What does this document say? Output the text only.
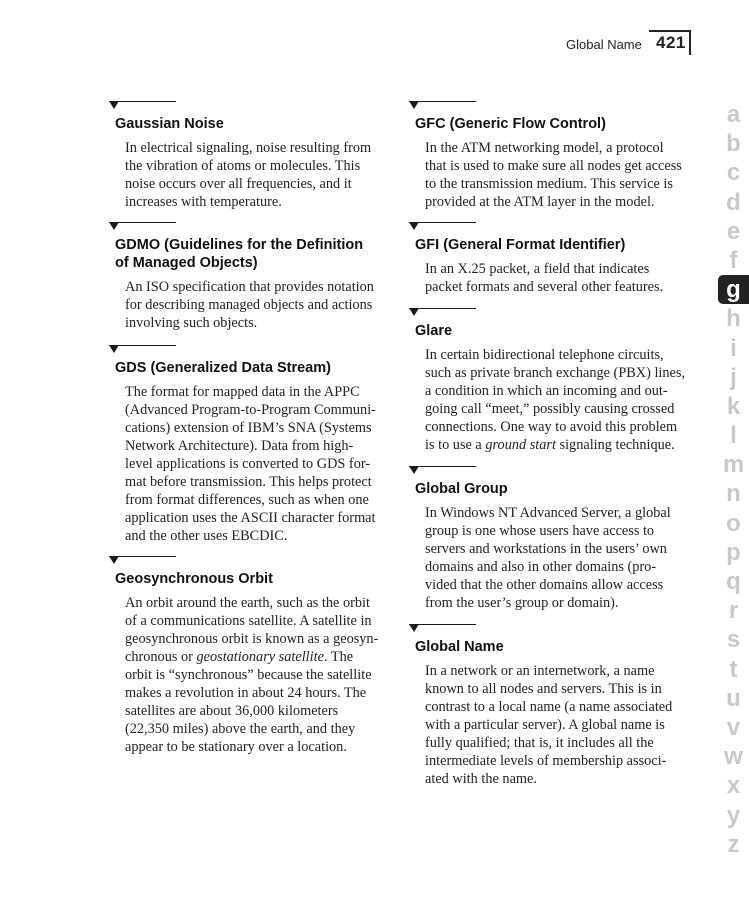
Global Name 421
Gaussian Noise
In electrical signaling, noise resulting from
the vibration of atoms or molecules. This
noise occurs over all frequencies, and it
increases with temperature.
GDMO (Guidelines for the Definition
of Managed Objects)
An ISO specification that provides notation
for describing managed objects and actions
involving such objects.
GDS (Generalized Data Stream)
The format for mapped data in the APPC
(Advanced Program-to-Program Communi-
cations) extension of IBM’s SNA (Systems
Network Architecture). Data from high-
level applications is converted to GDS for-
mat before transmission. This helps protect
from format differences, such as when one
application uses the ASCII character format
and the other uses EBCDIC.
Geosynchronous Orbit
An orbit around the earth, such as the orbit
of a communications satellite. A satellite in
geosynchronous orbit is known as a geosyn-
chronous or geostationary satellite. The
orbit is “synchronous” because the satellite
makes a revolution in about 24 hours. The
satellites are about 36,000 kilometers
(22,350 miles) above the earth, and they
appear to be stationary over a location.
GFC (Generic Flow Control)
In the ATM networking model, a protocol
that is used to make sure all nodes get access
to the transmission medium. This service is
provided at the ATM layer in the model.
GFI (General Format Identifier)
In an X.25 packet, a field that indicates
packet formats and several other features.
Glare
In certain bidirectional telephone circuits,
such as private branch exchange (PBX) lines,
a condition in which an incoming and out-
going call “meet,” possibly causing crossed
connections. One way to avoid this problem
is to use a ground start signaling technique.
Global Group
In Windows NT Advanced Server, a global
group is one whose users have access to
servers and workstations in the users’ own
domains and also in other domains (pro-
vided that the other domains allow access
from the user’s group or domain).
Global Name
In a network or an internetwork, a name
known to all nodes and servers. This is in
contrast to a local name (a name associated
with a particular server). A global name is
fully qualified; that is, it includes all the
intermediate levels of membership associ-
ated with the name.
a
b
c
d
e
f
g
h
i
j
k
l
m
n
o
p
q
r
s
t
u
v
w
x
y
z
